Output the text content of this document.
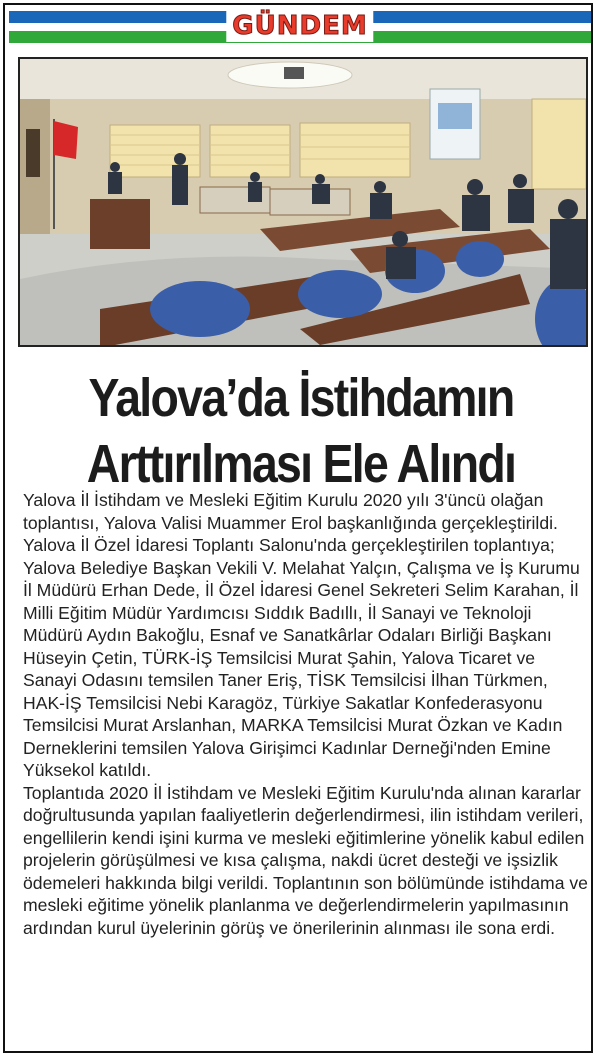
GÜNDEM
Yalova’da İstihdamın
Arttırılması Ele Alındı

Yalova İl İstihdam ve Mesleki Eğitim Kurulu 2020 yılı 3'üncü olağan toplantısı, Yalova Valisi Muammer Erol başkanlığında gerçekleştirildi.

Yalova İl Özel İdaresi Toplantı Salonu'nda gerçekleştirilen toplantıya; Yalova Belediye Başkan Vekili V. Melahat Yalçın, Çalışma ve İş Kurumu İl Müdürü Erhan Dede, İl Özel İdaresi Genel Sekreteri Selim Karahan, İl Milli Eğitim Müdür Yardımcısı Sıddık Badıllı, İl Sanayi ve Teknoloji Müdürü Aydın Bakoğlu, Esnaf ve Sanatkârlar Odaları Birliği Başkanı Hüseyin Çetin, TÜRK-İŞ Temsilcisi Murat Şahin, Yalova Ticaret ve Sanayi Odasını temsilen Taner Eriş, TİSK Temsilcisi İlhan Türkmen, HAK-İŞ Temsilcisi Nebi Karagöz, Türkiye Sakatlar Konfederasyonu Temsilcisi Murat Arslanhan, MARKA Temsilcisi Murat Özkan ve Kadın Derneklerini temsilen Yalova Girişimci Kadınlar Derneği'nden Emine Yüksekol katıldı.

Toplantıda 2020 İl İstihdam ve Mesleki Eğitim Kurulu'nda alınan kararlar doğrultusunda yapılan faaliyetlerin değerlendirmesi, ilin istihdam verileri, engellilerin kendi işini kurma ve mesleki eğitimlerine yönelik kabul edilen projelerin görüşülmesi ve kısa çalışma, nakdi ücret desteği ve işsizlik ödemeleri hakkında bilgi verildi. Toplantının son bölümünde istihdama ve mesleki eğitime yönelik planlanma ve değerlendirmelerin yapılmasının ardından kurul üyelerinin görüş ve önerilerinin alınması ile sona erdi.
